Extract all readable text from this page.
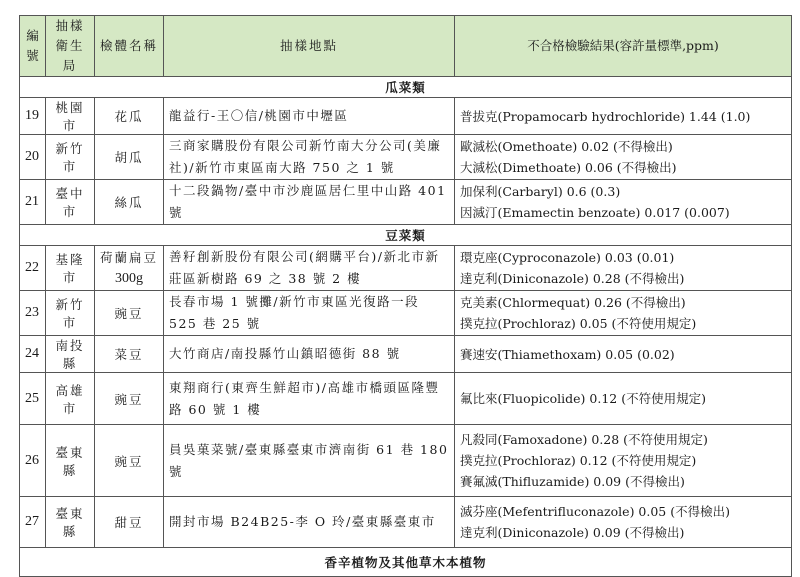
編
號	抽樣
衛生局	檢體名稱	抽樣地點	不合格檢驗結果(容許量標準,ppm)
瓜菜類				
19	桃園市	花瓜	龍益行-王〇信/桃園市中壢區	普拔克(Propamocarb hydrochloride) 1.44 (1.0)

20	新竹市	胡瓜	三商家購股份有限公司新竹南大分公司(美廉社)/新竹市東區南大路 750 之 1 號	歐滅松(Omethoate) 0.02 (不得檢出)
大滅松(Dimethoate) 0.06 (不得檢出)

21	臺中市	絲瓜	十二段鍋物/臺中市沙鹿區居仁里中山路 401 號	加保利(Carbaryl) 0.6 (0.3)
因滅汀(Emamectin benzoate) 0.017 (0.007)

豆菜類				
22	基隆市	荷蘭扁豆
300g	善籽創新股份有限公司(網購平台)/新北市新莊區新樹路 69 之 38 號 2 樓	環克座(Cyproconazole) 0.03 (0.01)
達克利(Diniconazole) 0.28 (不得檢出)

23	新竹市	豌豆	長春市場 1 號攤/新竹市東區光復路一段 525 巷 25 號	克美素(Chlormequat) 0.26 (不得檢出)
撲克拉(Prochloraz) 0.05 (不符使用規定)

24	南投縣	菜豆	大竹商店/南投縣竹山鎮昭德街 88 號	賽速安(Thiamethoxam) 0.05 (0.02)

25	高雄市	豌豆	東翔商行(東齊生鮮超市)/高雄市橋頭區隆豐路 60 號 1 樓	氟比來(Fluopicolide) 0.12 (不符使用規定)

26	臺東縣	豌豆	員吳菓菜號/臺東縣臺東市濟南街 61 巷 180 號	凡殺同(Famoxadone) 0.28 (不符使用規定)
撲克拉(Prochloraz) 0.12 (不符使用規定)
賽氟滅(Thifluzamide) 0.09 (不得檢出)

27	臺東縣	甜豆	開封市場 B24B25-李 O 玲/臺東縣臺東市	滅芬座(Mefentrifluconazole) 0.05 (不得檢出)
達克利(Diniconazole) 0.09 (不得檢出)

香辛植物及其他草木本植物				
